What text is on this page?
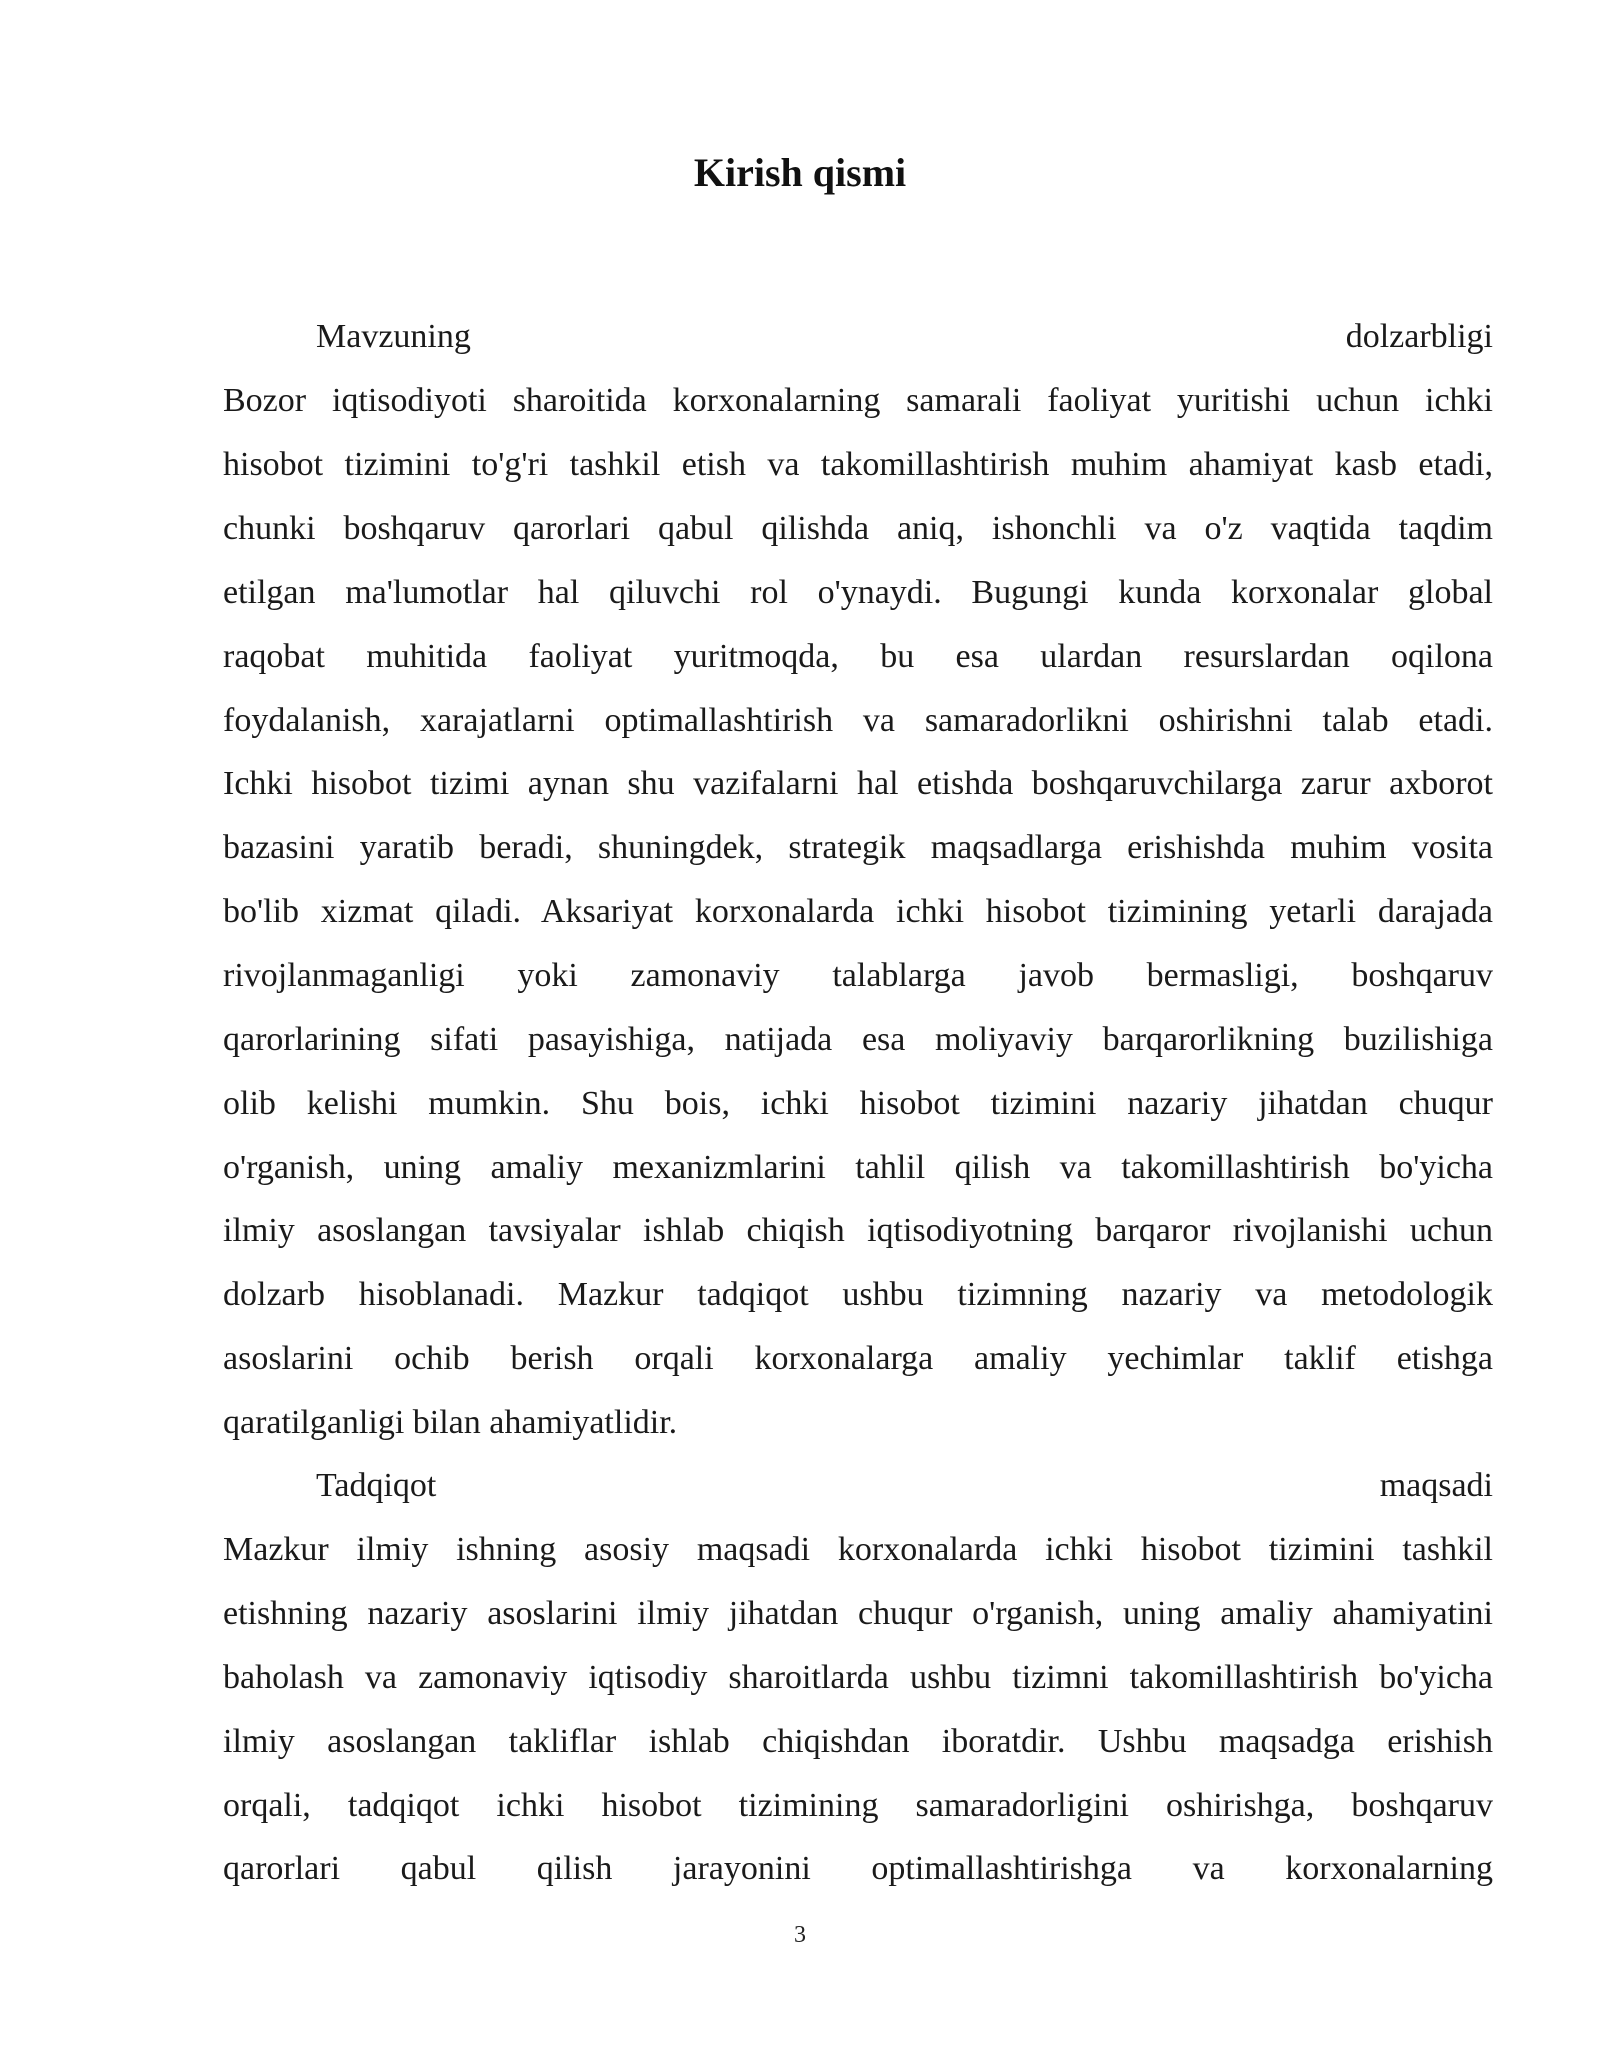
Kirish qismi

Mavzuning dolzarbligi

Bozor iqtisodiyoti sharoitida korxonalarning samarali faoliyat yuritishi uchun ichki

hisobot tizimini to'g'ri tashkil etish va takomillashtirish muhim ahamiyat kasb etadi,

chunki boshqaruv qarorlari qabul qilishda aniq, ishonchli va o'z vaqtida taqdim

etilgan ma'lumotlar hal qiluvchi rol o'ynaydi. Bugungi kunda korxonalar global

raqobat muhitida faoliyat yuritmoqda, bu esa ulardan resurslardan oqilona

foydalanish, xarajatlarni optimallashtirish va samaradorlikni oshirishni talab etadi.

Ichki hisobot tizimi aynan shu vazifalarni hal etishda boshqaruvchilarga zarur axborot

bazasini yaratib beradi, shuningdek, strategik maqsadlarga erishishda muhim vosita

bo'lib xizmat qiladi. Aksariyat korxonalarda ichki hisobot tizimining yetarli darajada

rivojlanmaganligi yoki zamonaviy talablarga javob bermasligi, boshqaruv

qarorlarining sifati pasayishiga, natijada esa moliyaviy barqarorlikning buzilishiga

olib kelishi mumkin. Shu bois, ichki hisobot tizimini nazariy jihatdan chuqur

o'rganish, uning amaliy mexanizmlarini tahlil qilish va takomillashtirish bo'yicha

ilmiy asoslangan tavsiyalar ishlab chiqish iqtisodiyotning barqaror rivojlanishi uchun

dolzarb hisoblanadi. Mazkur tadqiqot ushbu tizimning nazariy va metodologik

asoslarini ochib berish orqali korxonalarga amaliy yechimlar taklif etishga

qaratilganligi bilan ahamiyatlidir.

Tadqiqot maqsadi

Mazkur ilmiy ishning asosiy maqsadi korxonalarda ichki hisobot tizimini tashkil

etishning nazariy asoslarini ilmiy jihatdan chuqur o'rganish, uning amaliy ahamiyatini

baholash va zamonaviy iqtisodiy sharoitlarda ushbu tizimni takomillashtirish bo'yicha

ilmiy asoslangan takliflar ishlab chiqishdan iboratdir. Ushbu maqsadga erishish

orqali, tadqiqot ichki hisobot tizimining samaradorligini oshirishga, boshqaruv

qarorlari qabul qilish jarayonini optimallashtirishga va korxonalarning

3
